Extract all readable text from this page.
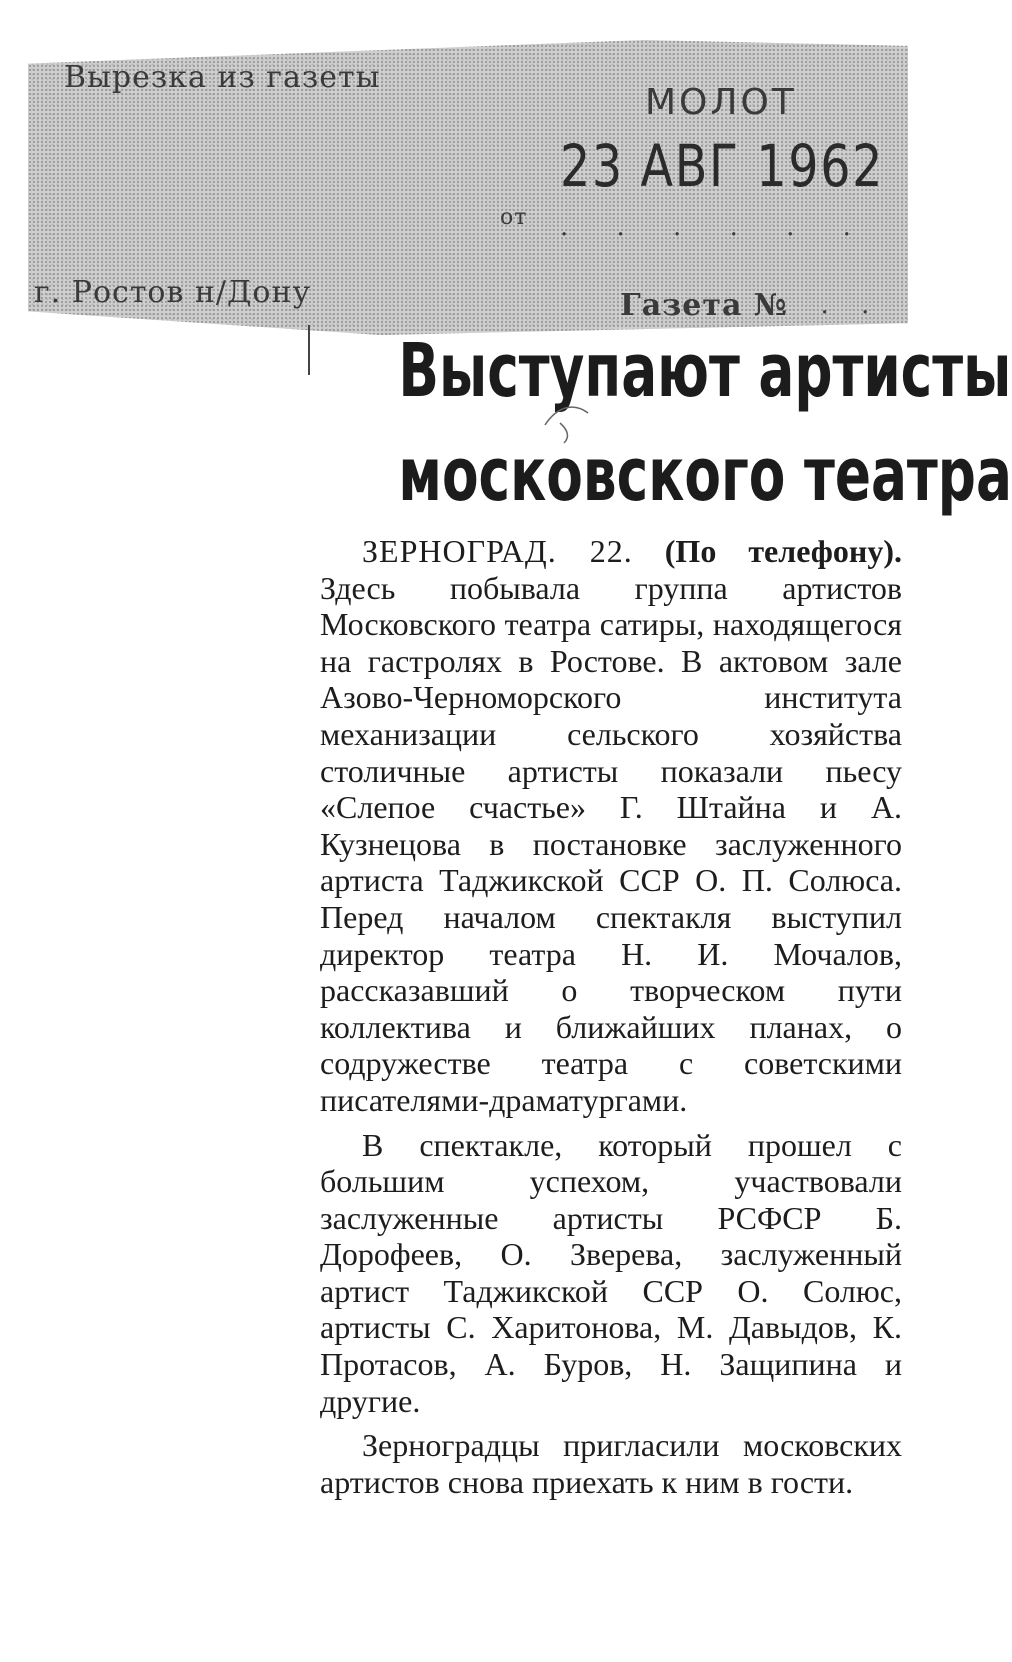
Вырезка из газеты
МОЛОТ
23 АВГ 1962
от . . . . . .
г. Ростов н/Дону	Газета №
. . .
Выступают артисты
московского театра

ЗЕРНОГРАД. 22. (По телефону). Здесь побывала группа артистов Московского театра сатиры, находящегося на гастролях в Ростове. В актовом зале Азово-Черноморского института механизации сельского хозяйства столичные артисты показали пьесу «Слепое счастье» Г. Штайна и А. Кузнецова в постановке заслуженного артиста Таджикской ССР О. П. Солюса. Перед началом спектакля выступил директор театра Н. И. Мочалов, рассказавший о творческом пути коллектива и ближайших планах, о содружестве театра с советскими писателями-драматургами.

В спектакле, который прошел с большим успехом, участвовали заслуженные артисты РСФСР Б. Дорофеев, О. Зверева, заслуженный артист Таджикской ССР О. Солюс, артисты С. Харитонова, М. Давыдов, К. Протасов, А. Буров, Н. Защипина и другие.

Зерноградцы пригласили московских артистов снова приехать к ним в гости.
